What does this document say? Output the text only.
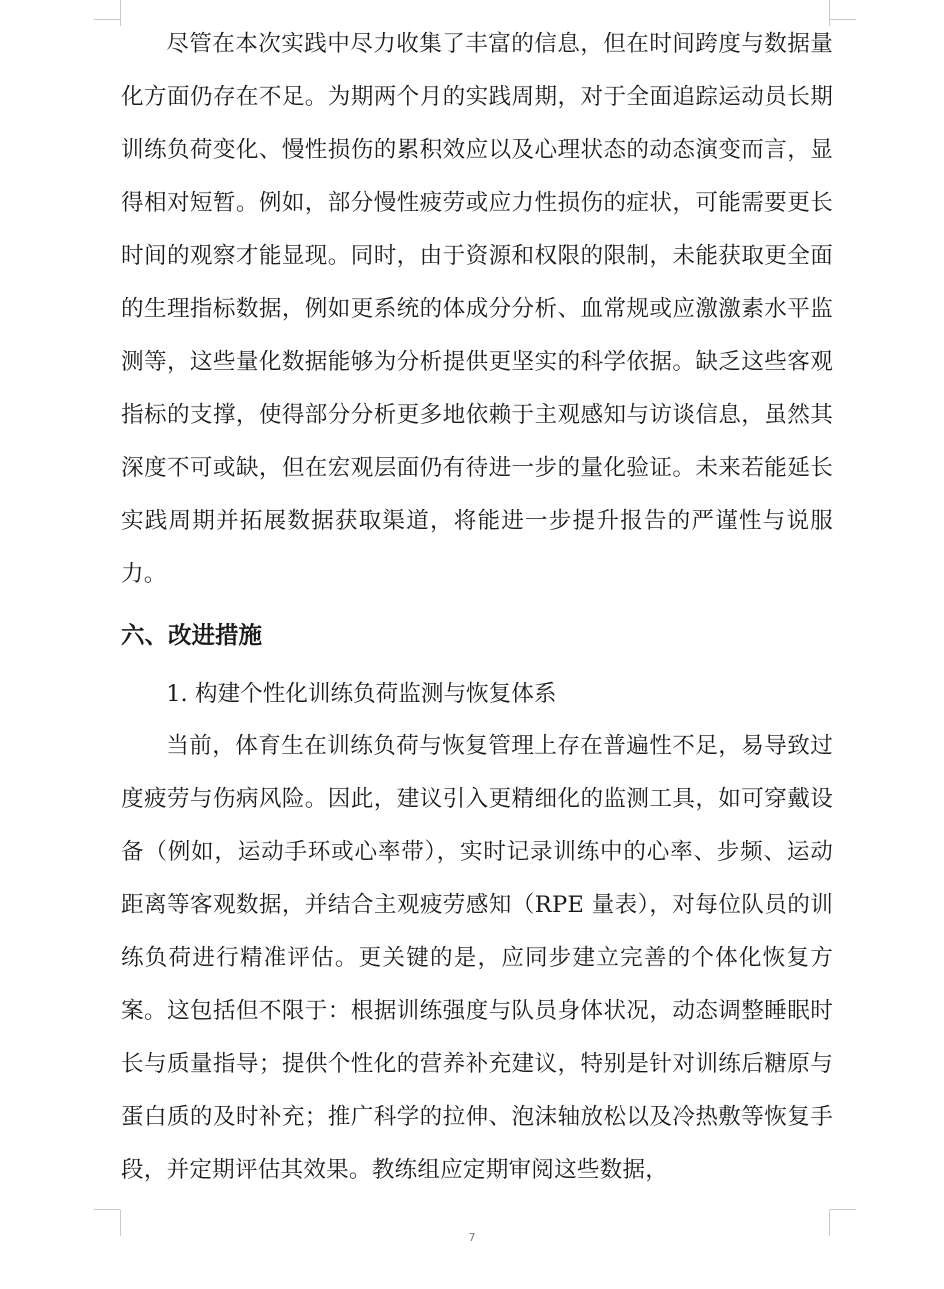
尽管在本次实践中尽力收集了丰富的信息，但在时间跨度与数据量化方面仍存在不足。为期两个月的实践周期，对于全面追踪运动员长期训练负荷变化、慢性损伤的累积效应以及心理状态的动态演变而言，显得相对短暂。例如，部分慢性疲劳或应力性损伤的症状，可能需要更长时间的观察才能显现。同时，由于资源和权限的限制，未能获取更全面的生理指标数据，例如更系统的体成分分析、血常规或应激激素水平监测等，这些量化数据能够为分析提供更坚实的科学依据。缺乏这些客观指标的支撑，使得部分分析更多地依赖于主观感知与访谈信息，虽然其深度不可或缺，但在宏观层面仍有待进一步的量化验证。未来若能延长实践周期并拓展数据获取渠道，将能进一步提升报告的严谨性与说服力。

六、改进措施

1. 构建个性化训练负荷监测与恢复体系

当前，体育生在训练负荷与恢复管理上存在普遍性不足，易导致过度疲劳与伤病风险。因此，建议引入更精细化的监测工具，如可穿戴设备（例如，运动手环或心率带），实时记录训练中的心率、步频、运动距离等客观数据，并结合主观疲劳感知（RPE 量表），对每位队员的训练负荷进行精准评估。更关键的是，应同步建立完善的个体化恢复方案。这包括但不限于：根据训练强度与队员身体状况，动态调整睡眠时长与质量指导；提供个性化的营养补充建议，特别是针对训练后糖原与蛋白质的及时补充；推广科学的拉伸、泡沫轴放松以及冷热敷等恢复手段，并定期评估其效果。教练组应定期审阅这些数据，

7
